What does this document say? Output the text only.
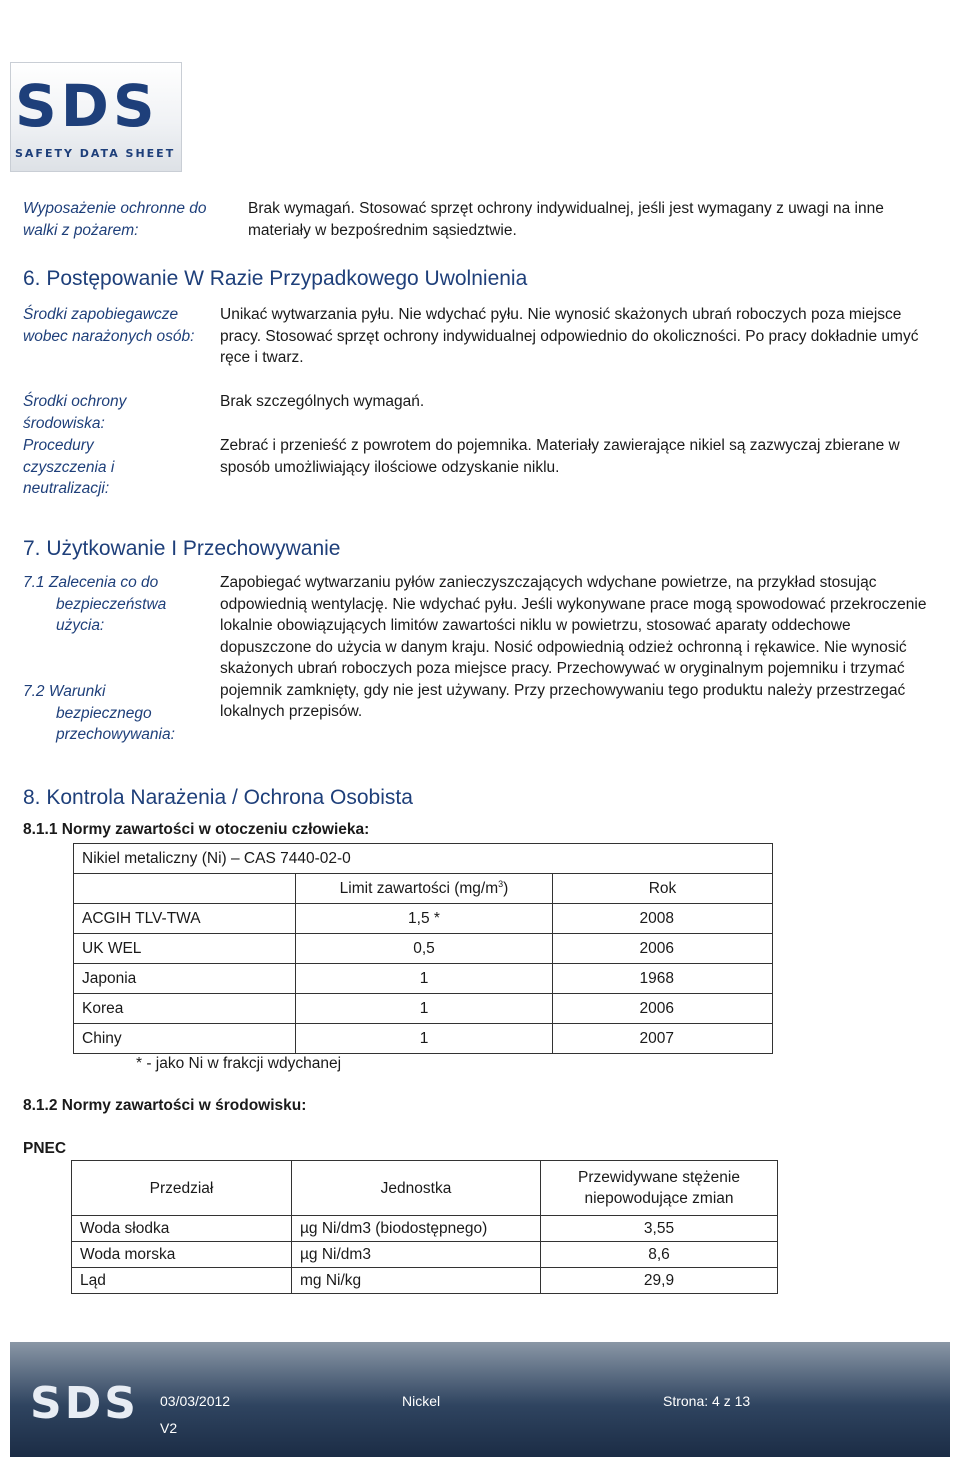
SDS
SAFETY DATA SHEET
Wyposażenie ochronne do walki z pożarem:
Brak wymagań. Stosować sprzęt ochrony indywidualnej, jeśli jest wymagany z uwagi na inne materiały w bezpośrednim sąsiedztwie.
6. Postępowanie W Razie Przypadkowego Uwolnienia
Środki zapobiegawcze wobec narażonych osób:
Unikać wytwarzania pyłu. Nie wdychać pyłu. Nie wynosić skażonych ubrań roboczych poza miejsce pracy. Stosować sprzęt ochrony indywidualnej odpowiednio do okoliczności. Po pracy dokładnie umyć ręce i twarz.
Środki ochrony środowiska:
Brak szczególnych wymagań.
Procedury czyszczenia i neutralizacji:
Zebrać i przenieść z powrotem do pojemnika. Materiały zawierające nikiel są zazwyczaj zbierane w sposób umożliwiający ilościowe odzyskanie niklu.
7. Użytkowanie I Przechowywanie
7.1 Zalecenia co do
bezpieczeństwa
użycia:
7.2 Warunki
bezpiecznego
przechowywania:
Zapobiegać wytwarzaniu pyłów zanieczyszczających wdychane powietrze, na przykład stosując odpowiednią wentylację. Nie wdychać pyłu. Jeśli wykonywane prace mogą spowodować przekroczenie lokalnie obowiązujących limitów zawartości niklu w powietrzu, stosować aparaty oddechowe dopuszczone do użycia w danym kraju. Nosić odpowiednią odzież ochronną i rękawice. Nie wynosić skażonych ubrań roboczych poza miejsce pracy. Przechowywać w oryginalnym pojemniku i trzymać pojemnik zamknięty, gdy nie jest używany. Przy przechowywaniu tego produktu należy przestrzegać lokalnych przepisów.
8. Kontrola Narażenia / Ochrona Osobista
8.1.1 Normy zawartości w otoczeniu człowieka:
Nikiel metaliczny (Ni) – CAS 7440-02-0		
	Limit zawartości $(mg/m^3)$	Rok
ACGIH TLV-TWA	1,5 *	2008
UK WEL	0,5	2006
Japonia	1	1968
Korea	1	2006
Chiny	1	2007
* - jako Ni w frakcji wdychanej
8.1.2 Normy zawartości w środowisku:
PNEC
Przedział	Jednostka	Przewidywane stężenie niepowodujące zmian
Woda słodka	µg Ni/dm3 (biodostępnego)	3,55
Woda morska	µg Ni/dm3	8,6
Ląd	mg Ni/kg	29,9
SDS 03/03/2012
V2
Nickel	Strona: 4 z 13
